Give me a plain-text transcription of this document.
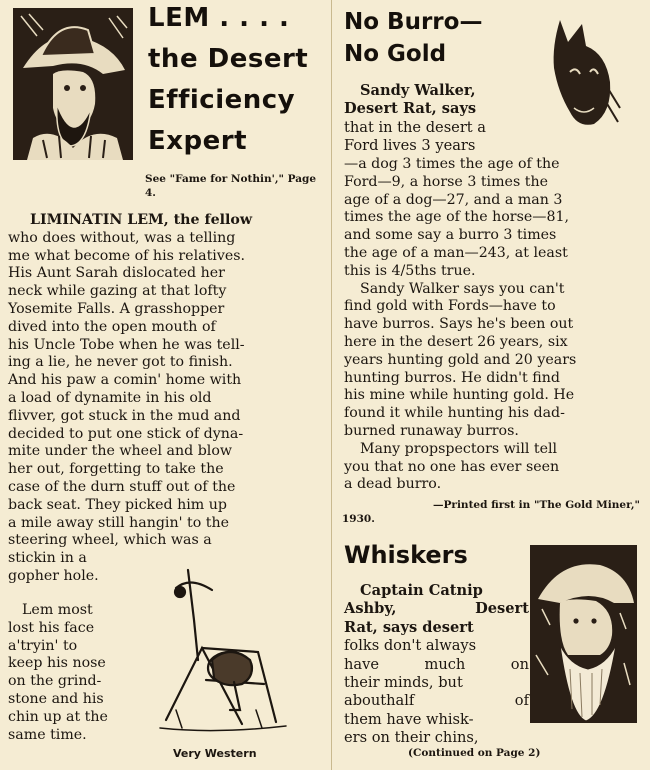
LEM . . . .
the Desert
Efficiency
Expert
See "Fame for Nothin'," Page 4.
LIMINATIN LEM, the fellow
who does without, was a telling
me what become of his relatives.
His Aunt Sarah dislocated her
neck while gazing at that lofty
Yosemite Falls. A grasshopper
dived into the open mouth of
his Uncle Tobe when he was tell-
ing a lie, he never got to finish.
And his paw a comin' home with
a load of dynamite in his old
flivver, got stuck in the mud and
decided to put one stick of dyna-
mite under the wheel and blow
her out, forgetting to take the
case of the durn stuff out of the
back seat. They picked him up
a mile away still hangin' to the
steering wheel, which was a
stickin in a
gopher hole.
Lem most
lost his face
a'tryin' to
keep his nose
on the grind-
stone and his
chin up at the
same time.
Very Western
No Burro—
No Gold
Sandy Walker,
Desert Rat, says
that in the desert a
Ford lives 3 years
—a dog 3 times the age of the
Ford—9, a horse 3 times the
age of a dog—27, and a man 3
times the age of the horse—81,
and some say a burro 3 times
the age of a man—243, at least
this is 4/5ths true.
Sandy Walker says you can't
find gold with Fords—have to
have burros. Says he's been out
here in the desert 26 years, six
years hunting gold and 20 years
hunting burros. He didn't find
his mine while hunting gold. He
found it while hunting his dad-
burned runaway burros.
Many propspectors will tell
you that no one has ever seen
a dead burro.
—Printed first in "The Gold Miner,"
1930.
Whiskers
Captain Catnip
Ashby, Desert
Rat, says desert
folks don't always
have much on
their minds, but
abouthalf of
them have whisk-
ers on their chins,
(Continued on Page 2)
